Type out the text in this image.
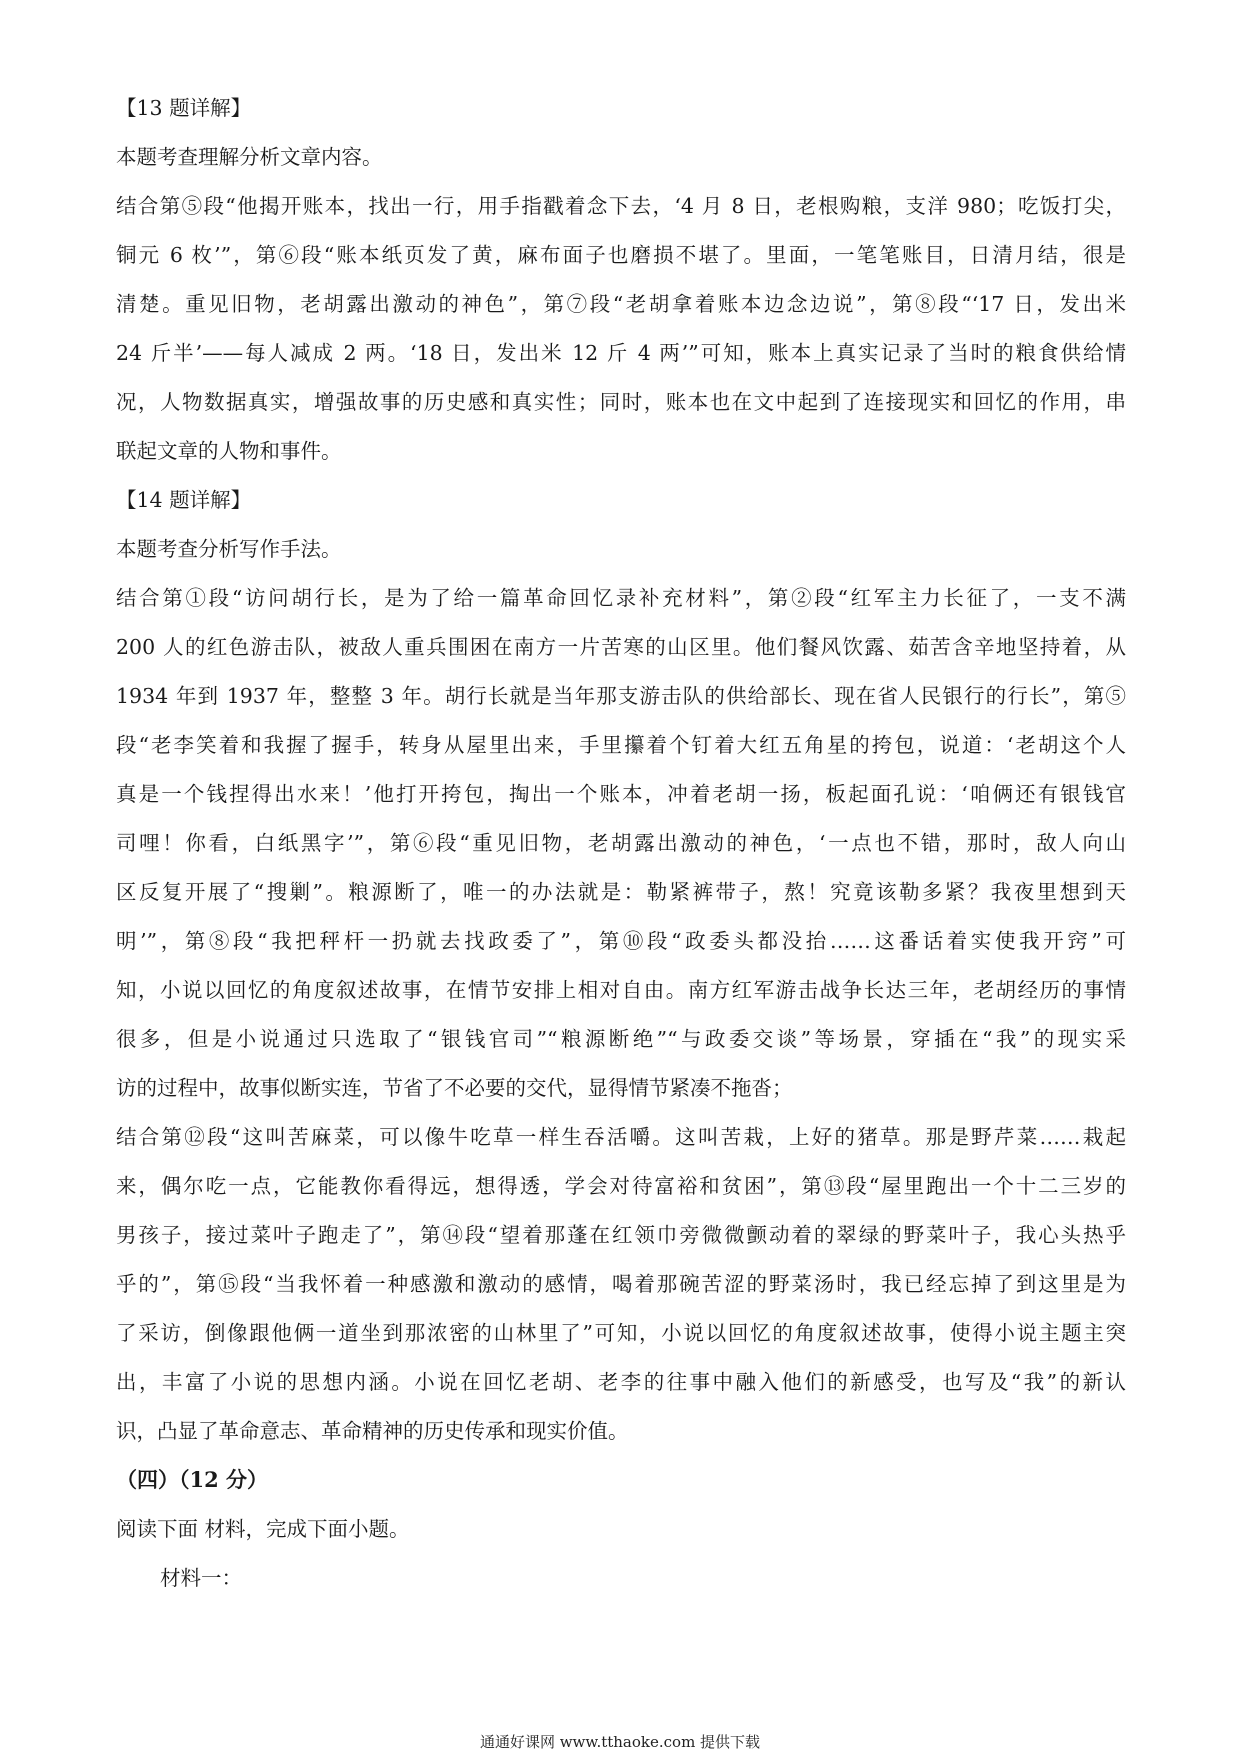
【13 题详解】
本题考查理解分析文章内容。
结合第⑤段“他揭开账本，找出一行，用手指戳着念下去，‘4 月 8 日，老根购粮，支洋 980；吃饭打尖，
铜元 6 枚’”，第⑥段“账本纸页发了黄，麻布面子也磨损不堪了。里面，一笔笔账目，日清月结，很是
清楚。重见旧物，老胡露出激动的神色”，第⑦段“老胡拿着账本边念边说”，第⑧段“‘17 日，发出米
24 斤半’——每人减成 2 两。‘18 日，发出米 12 斤 4 两’”可知，账本上真实记录了当时的粮食供给情
况，人物数据真实，增强故事的历史感和真实性；同时，账本也在文中起到了连接现实和回忆的作用，串
联起文章的人物和事件。
【14 题详解】
本题考查分析写作手法。
结合第①段“访问胡行长，是为了给一篇革命回忆录补充材料”，第②段“红军主力长征了，一支不满
200 人的红色游击队，被敌人重兵围困在南方一片苦寒的山区里。他们餐风饮露、茹苦含辛地坚持着，从
1934 年到 1937 年，整整 3 年。胡行长就是当年那支游击队的供给部长、现在省人民银行的行长”，第⑤
段“老李笑着和我握了握手，转身从屋里出来，手里攥着个钉着大红五角星的挎包，说道：‘老胡这个人
真是一个钱捏得出水来！’他打开挎包，掏出一个账本，冲着老胡一扬，板起面孔说：‘咱俩还有银钱官
司哩！你看，白纸黑字’”，第⑥段“重见旧物，老胡露出激动的神色，‘一点也不错，那时，敌人向山
区反复开展了“搜剿”。粮源断了，唯一的办法就是：勒紧裤带子，熬！究竟该勒多紧？我夜里想到天
明’”，第⑧段“我把秤杆一扔就去找政委了”，第⑩段“政委头都没抬……这番话着实使我开窍”可
知，小说以回忆的角度叙述故事，在情节安排上相对自由。南方红军游击战争长达三年，老胡经历的事情
很多，但是小说通过只选取了“银钱官司”“粮源断绝”“与政委交谈”等场景，穿插在“我”的现实采
访的过程中，故事似断实连，节省了不必要的交代，显得情节紧凑不拖沓；
结合第⑫段“这叫苦麻菜，可以像牛吃草一样生吞活嚼。这叫苦栽，上好的猪草。那是野芹菜……栽起
来，偶尔吃一点，它能教你看得远，想得透，学会对待富裕和贫困”，第⑬段“屋里跑出一个十二三岁的
男孩子，接过菜叶子跑走了”，第⑭段“望着那蓬在红领巾旁微微颤动着的翠绿的野菜叶子，我心头热乎
乎的”，第⑮段“当我怀着一种感激和激动的感情，喝着那碗苦涩的野菜汤时，我已经忘掉了到这里是为
了采访，倒像跟他俩一道坐到那浓密的山林里了”可知，小说以回忆的角度叙述故事，使得小说主题主突
出，丰富了小说的思想内涵。小说在回忆老胡、老李的往事中融入他们的新感受，也写及“我”的新认
识，凸显了革命意志、革命精神的历史传承和现实价值。
（四）（12 分）
阅读下面 材料，完成下面小题。
材料一：
通通好课网 www.tthaoke.com 提供下载
